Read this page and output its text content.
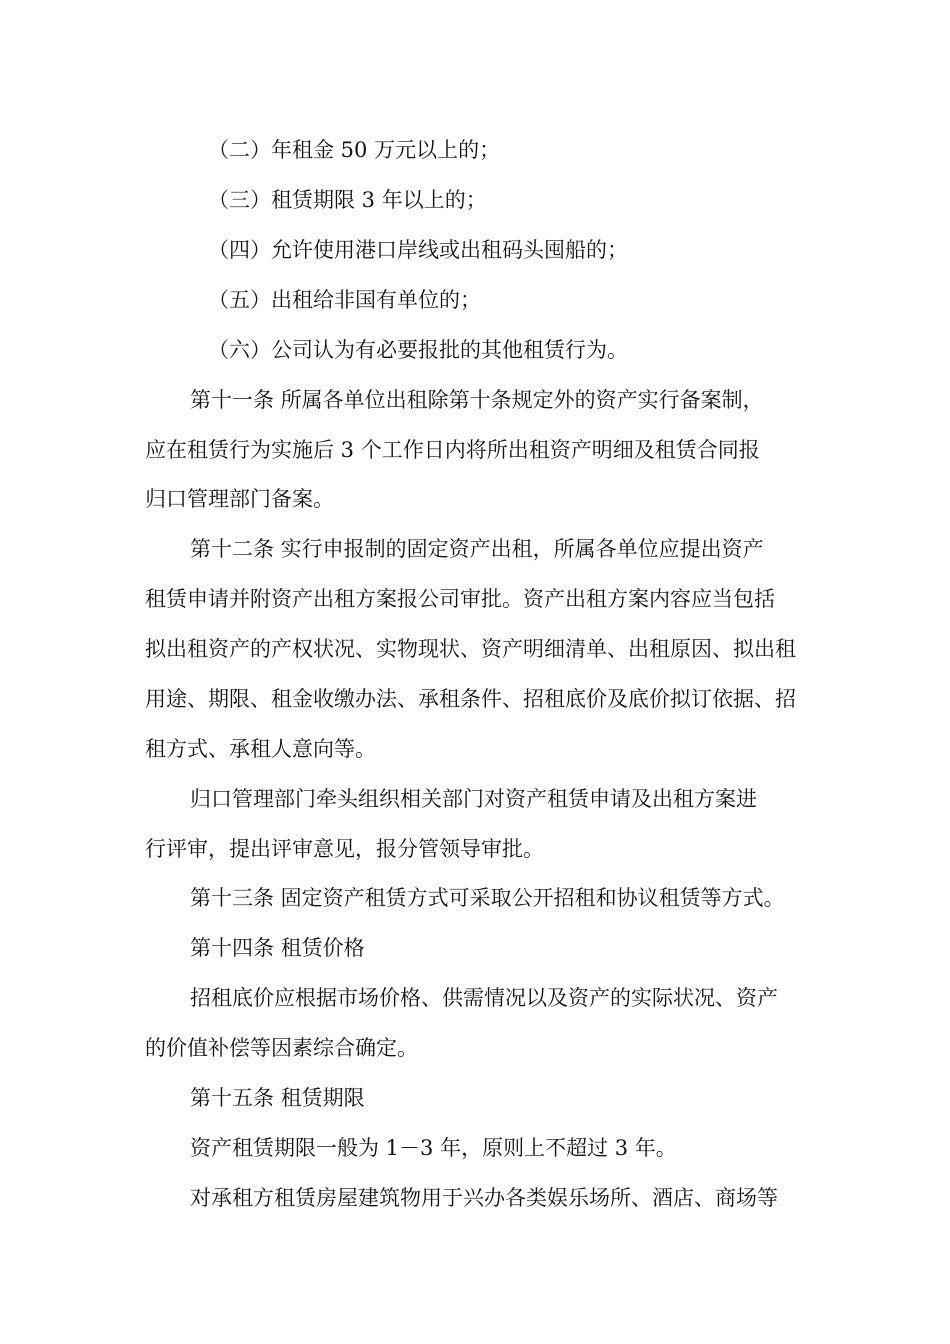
（二）年租金 50 万元以上的；
（三）租赁期限 3 年以上的；
（四）允许使用港口岸线或出租码头囤船的；
（五）出租给非国有单位的；
（六）公司认为有必要报批的其他租赁行为。
第十一条 所属各单位出租除第十条规定外的资产实行备案制，
应在租赁行为实施后 3 个工作日内将所出租资产明细及租赁合同报
归口管理部门备案。
第十二条 实行申报制的固定资产出租，所属各单位应提出资产
租赁申请并附资产出租方案报公司审批。资产出租方案内容应当包括
拟出租资产的产权状况、实物现状、资产明细清单、出租原因、拟出租
用途、期限、租金收缴办法、承租条件、招租底价及底价拟订依据、招
租方式、承租人意向等。
归口管理部门牵头组织相关部门对资产租赁申请及出租方案进
行评审，提出评审意见，报分管领导审批。
第十三条 固定资产租赁方式可采取公开招租和协议租赁等方式。
第十四条 租赁价格
招租底价应根据市场价格、供需情况以及资产的实际状况、资产
的价值补偿等因素综合确定。
第十五条 租赁期限
资产租赁期限一般为 1－3 年，原则上不超过 3 年。
对承租方租赁房屋建筑物用于兴办各类娱乐场所、酒店、商场等
